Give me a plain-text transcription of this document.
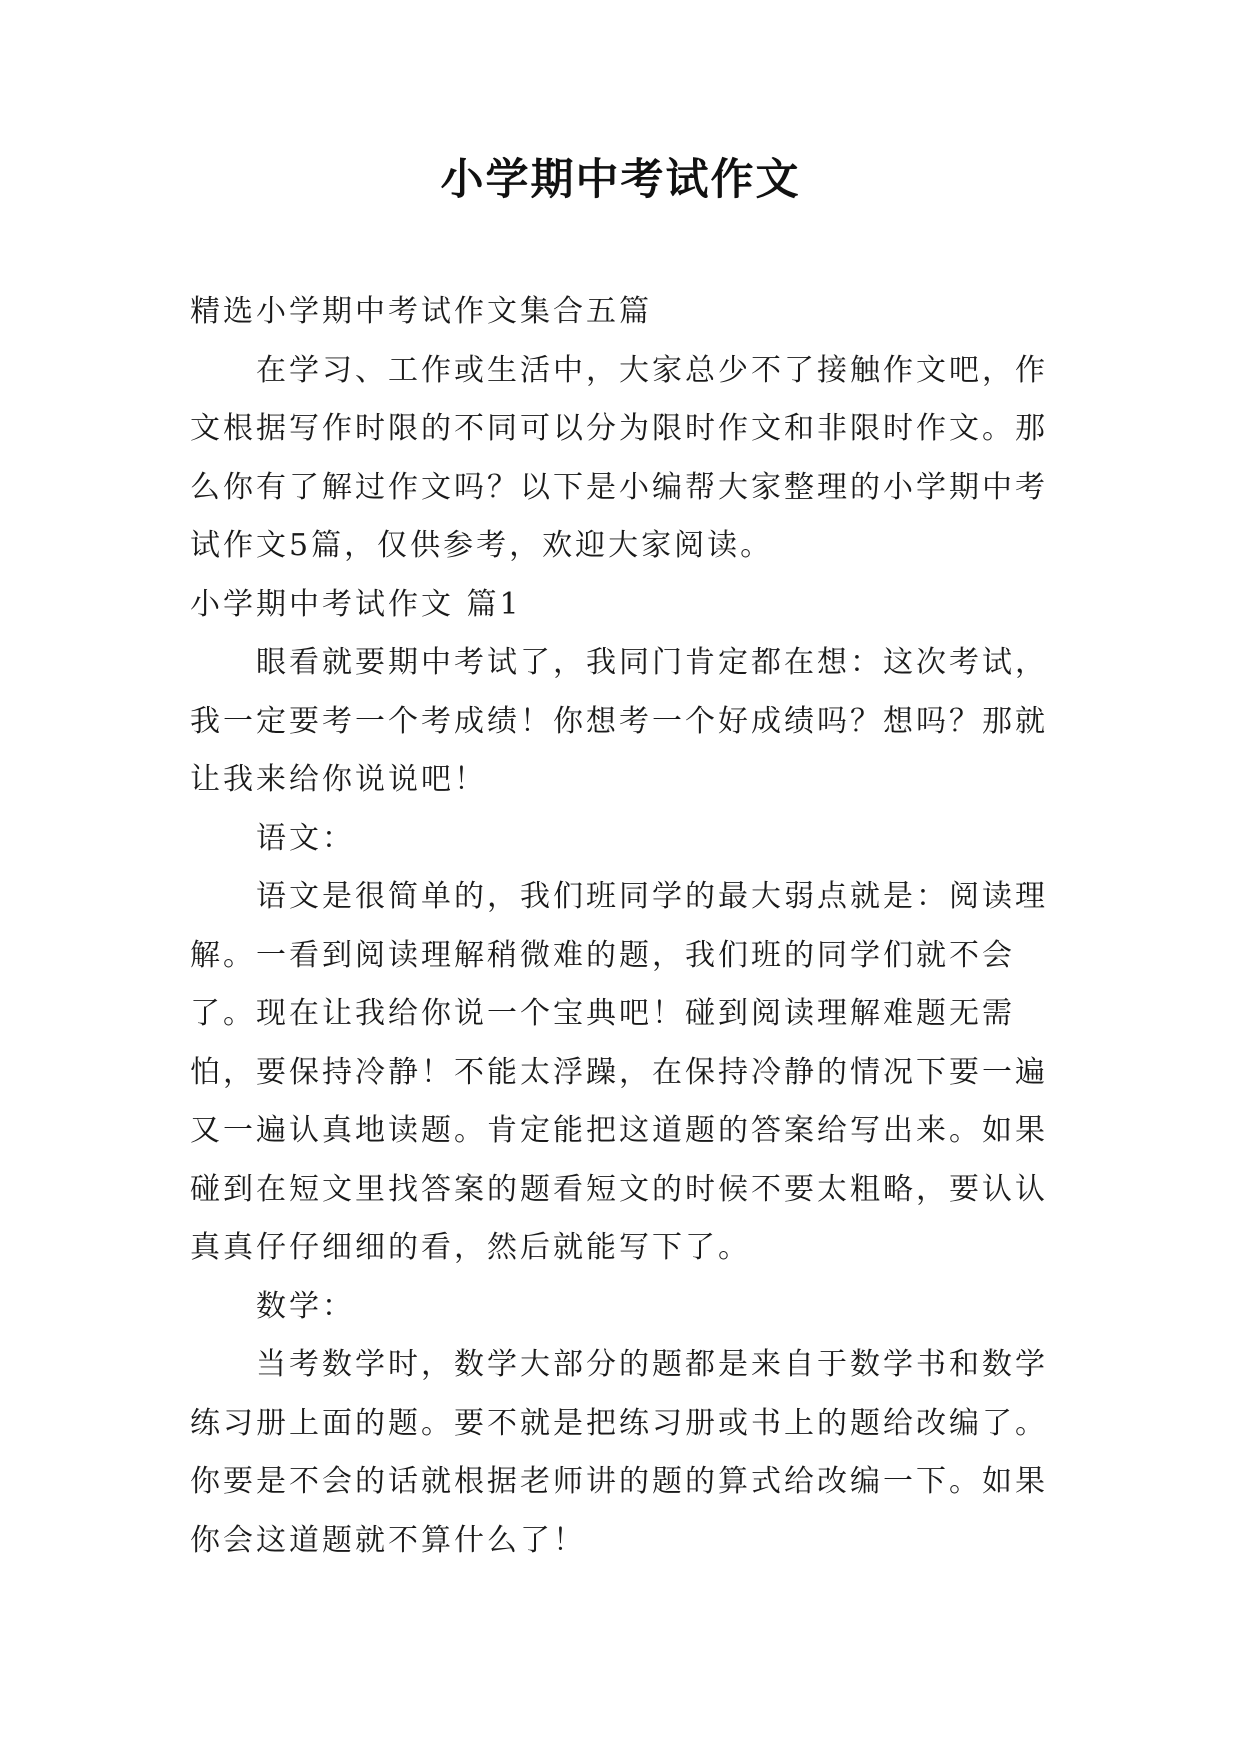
小学期中考试作文

精选小学期中考试作文集合五篇

在学习、工作或生活中，大家总少不了接触作文吧，作文根据写作时限的不同可以分为限时作文和非限时作文。那么你有了解过作文吗？以下是小编帮大家整理的小学期中考试作文5篇，仅供参考，欢迎大家阅读。

小学期中考试作文 篇1

眼看就要期中考试了，我同门肯定都在想：这次考试，我一定要考一个考成绩！你想考一个好成绩吗？想吗？那就让我来给你说说吧！

语文：

语文是很简单的，我们班同学的最大弱点就是：阅读理解。一看到阅读理解稍微难的题，我们班的同学们就不会了。现在让我给你说一个宝典吧！碰到阅读理解难题无需怕，要保持冷静！不能太浮躁，在保持冷静的情况下要一遍又一遍认真地读题。肯定能把这道题的答案给写出来。如果碰到在短文里找答案的题看短文的时候不要太粗略，要认认真真仔仔细细的看，然后就能写下了。

数学：

当考数学时，数学大部分的题都是来自于数学书和数学练习册上面的题。要不就是把练习册或书上的题给改编了。你要是不会的话就根据老师讲的题的算式给改编一下。如果你会这道题就不算什么了！
